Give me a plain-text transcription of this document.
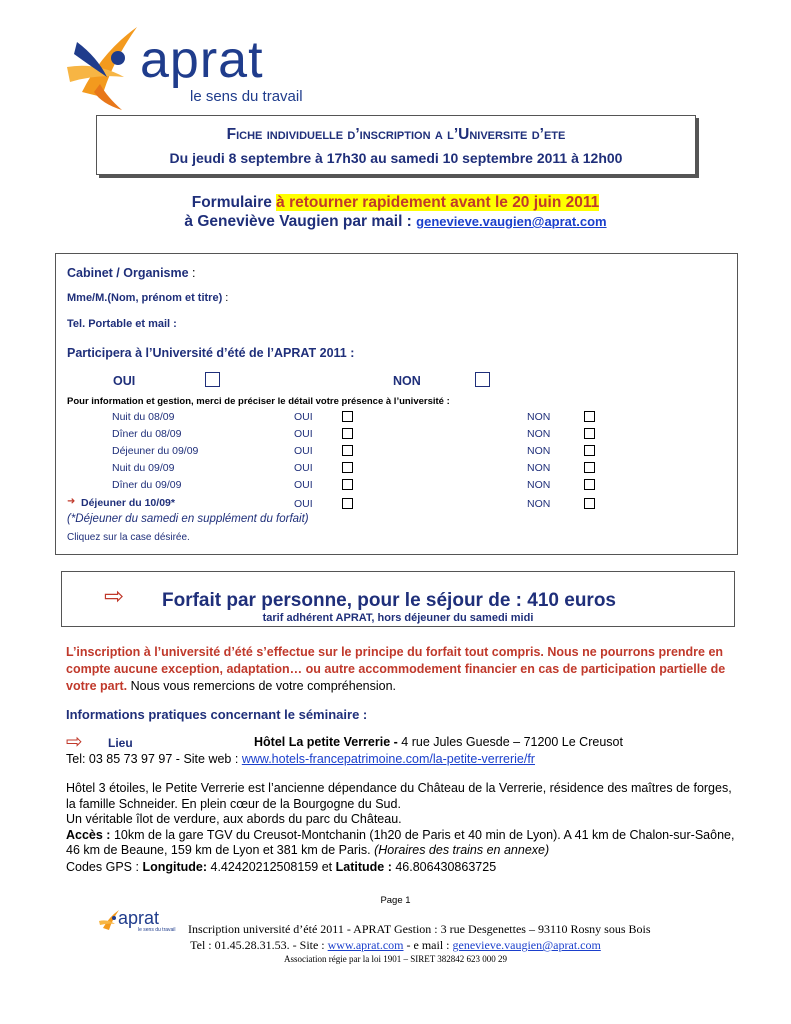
aprat
le sens du travail
Fiche individuelle d’inscription a l’Universite d’ete
Du jeudi 8 septembre à 17h30 au samedi 10 septembre 2011 à 12h00
Formulaire à retourner rapidement avant le 20 juin 2011
à Geneviève Vaugien par mail : genevieve.vaugien@aprat.com
Cabinet / Organisme :
Mme/M.(Nom, prénom et titre) :
Tel. Portable et mail :
Participera à l’Université d’été de l’APRAT 2011 :
OUI	NON
Pour information et gestion, merci de préciser le détail votre présence à l’université :
Nuit du 08/09	OUI	NON
Dîner du 08/09	OUI	NON
Déjeuner du 09/09	OUI	NON
Nuit du 09/09	OUI	NON
Dîner du 09/09	OUI	NON
➜ Déjeuner du 10/09*	OUI	NON
(*Déjeuner du samedi en supplément du forfait)
Cliquez sur la case désirée.
⇨ Forfait par personne, pour le séjour de : 410 euros
tarif adhérent APRAT, hors déjeuner du samedi midi
L’inscription à l’université d’été s’effectue sur le principe du forfait tout compris. Nous ne pourrons prendre en compte aucune exception, adaptation… ou autre accommodement financier en cas de participation partielle de votre part. Nous vous remercions de votre compréhension.
Informations pratiques concernant le séminaire :
⇨ Lieu	Hôtel La petite Verrerie - 4 rue Jules Guesde – 71200 Le Creusot
Tel: 03 85 73 97 97 - Site web : www.hotels-francepatrimoine.com/la-petite-verrerie/fr
Hôtel 3 étoiles, le Petite Verrerie est l’ancienne dépendance du Château de la Verrerie, résidence des maîtres de forges, la famille Schneider. En plein cœur de la Bourgogne du Sud.
Un véritable îlot de verdure, aux abords du parc du Château.
Accès : 10km de la gare TGV du Creusot-Montchanin (1h20 de Paris et 40 min de Lyon). A 41 km de Chalon-sur-Saône, 46 km de Beaune, 159 km de Lyon et 381 km de Paris. (Horaires des trains en annexe)
Codes GPS : Longitude: 4.42420212508159 et Latitude : 46.806430863725
Page 1
aprat
le sens du travail Inscription université d’été 2011 - APRAT Gestion : 3 rue Desgenettes – 93110 Rosny sous Bois
Tel : 01.45.28.31.53. - Site : www.aprat.com - e mail : genevieve.vaugien@aprat.com
Association régie par la loi 1901 – SIRET 382842 623 000 29
